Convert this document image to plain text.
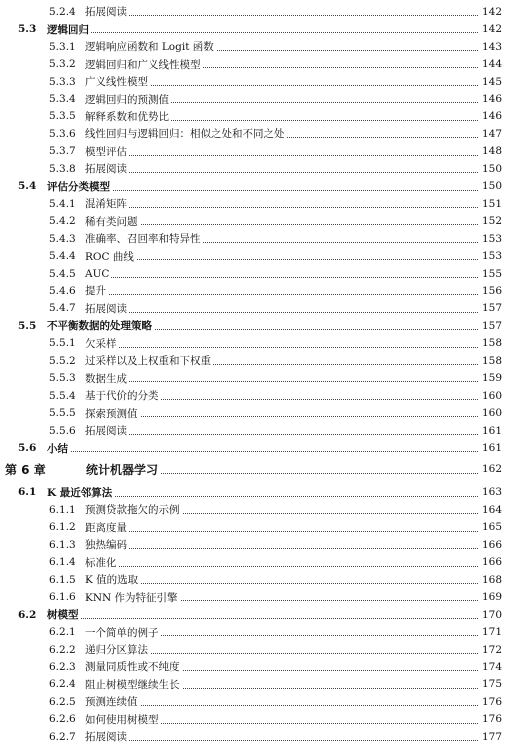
5.2.4 拓展阅读	142
5.3 逻辑回归	142
5.3.1 逻辑响应函数和 Logit 函数	143
5.3.2 逻辑回归和广义线性模型	144
5.3.3 广义线性模型	145
5.3.4 逻辑回归的预测值	146
5.3.5 解释系数和优势比	146
5.3.6 线性回归与逻辑回归：相似之处和不同之处	147
5.3.7 模型评估	148
5.3.8 拓展阅读	150
5.4 评估分类模型	150
5.4.1 混淆矩阵	151
5.4.2 稀有类问题	152
5.4.3 准确率、召回率和特异性	153
5.4.4 ROC 曲线	153
5.4.5 AUC	155
5.4.6 提升	156
5.4.7 拓展阅读	157
5.5 不平衡数据的处理策略	157
5.5.1 欠采样	158
5.5.2 过采样以及上权重和下权重	158
5.5.3 数据生成	159
5.5.4 基于代价的分类	160
5.5.5 探索预测值	160
5.5.6 拓展阅读	161
5.6 小结	161
第 6 章	统计机器学习	162
6.1 K 最近邻算法	163
6.1.1 预测贷款拖欠的示例	164
6.1.2 距离度量	165
6.1.3 独热编码	166
6.1.4 标准化	166
6.1.5 K 值的选取	168
6.1.6 KNN 作为特征引擎	169
6.2 树模型	170
6.2.1 一个简单的例子	171
6.2.2 递归分区算法	172
6.2.3 测量同质性或不纯度	174
6.2.4 阻止树模型继续生长	175
6.2.5 预测连续值	176
6.2.6 如何使用树模型	176
6.2.7 拓展阅读	177
